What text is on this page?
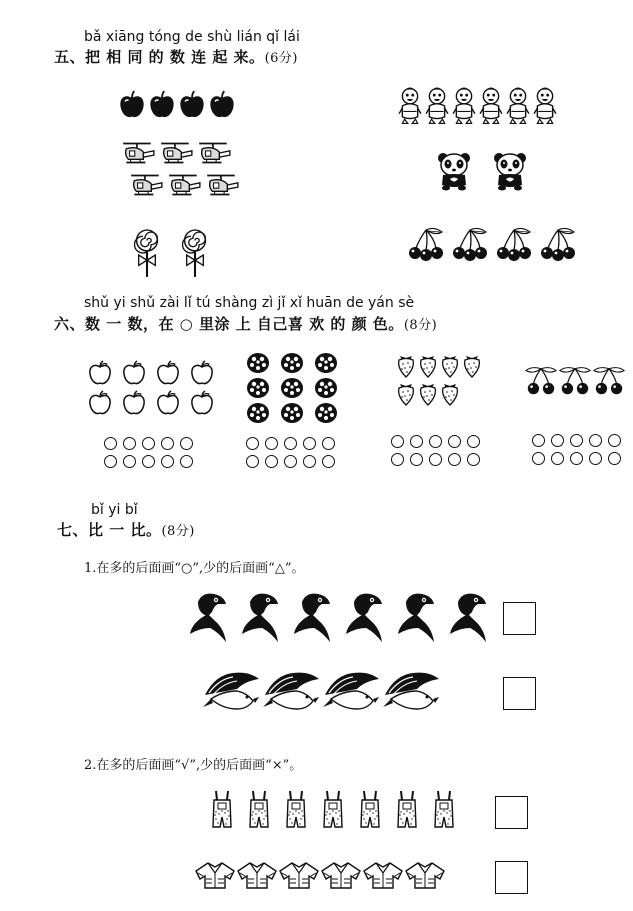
bǎ xiāng tóng de shù lián qǐ lái
五、把 相 同 的 数 连 起 来。(6分)
shǔ yi shǔ zài lǐ tú shàng zì jǐ xǐ huān de yán sè
六、数 一 数，在 ○ 里涂 上 自己喜 欢 的 颜 色。(8分)
bǐ yi bǐ
七、比 一 比。(8分)
1.在多的后面画“○”,少的后面画“△”。
2.在多的后面画“√”,少的后面画“×”。
